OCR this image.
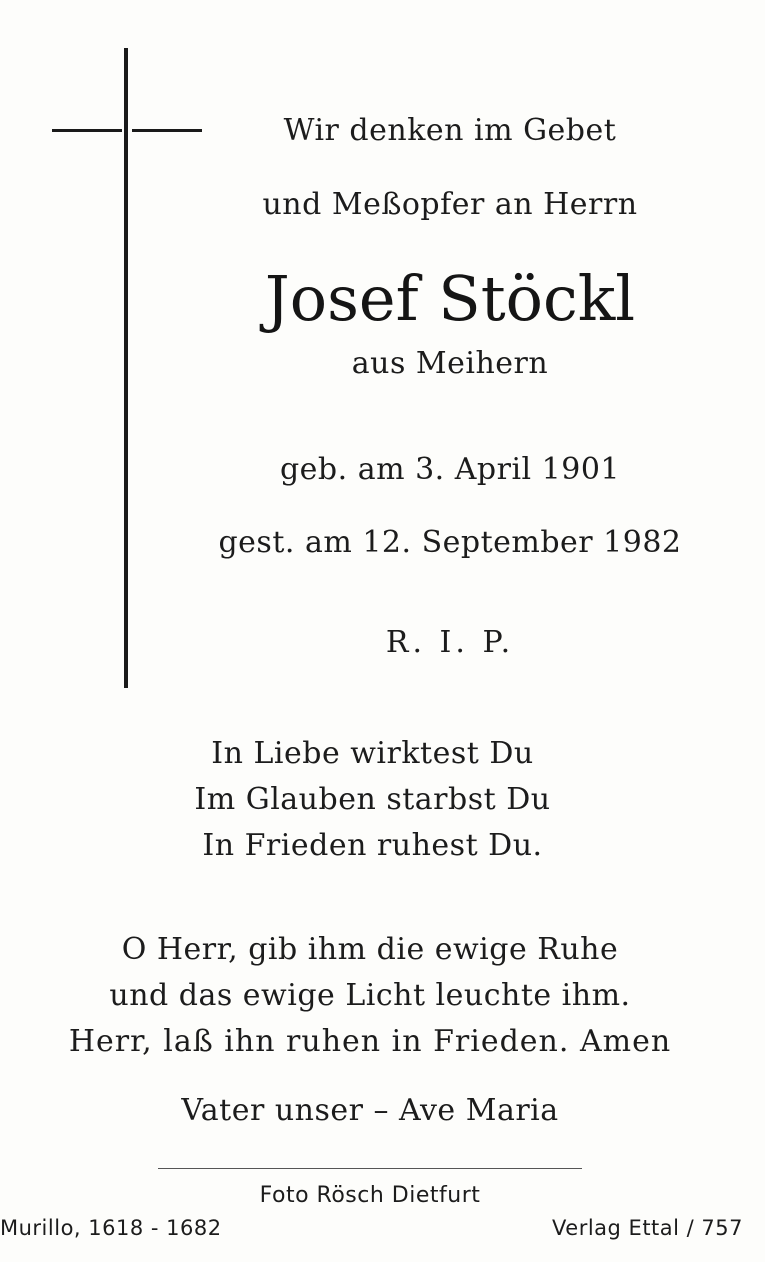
Wir denken im Gebet
und Meßopfer an Herrn
Josef Stöckl
aus Meihern
geb. am 3. April 1901
gest. am 12. September 1982
R. I. P.
In Liebe wirktest Du
Im Glauben starbst Du
In Frieden ruhest Du.
O Herr, gib ihm die ewige Ruhe
und das ewige Licht leuchte ihm.
Herr, laß ihn ruhen in Frieden. Amen
Vater unser – Ave Maria
Foto Rösch Dietfurt
Murillo, 1618 - 1682	Verlag Ettal / 757
